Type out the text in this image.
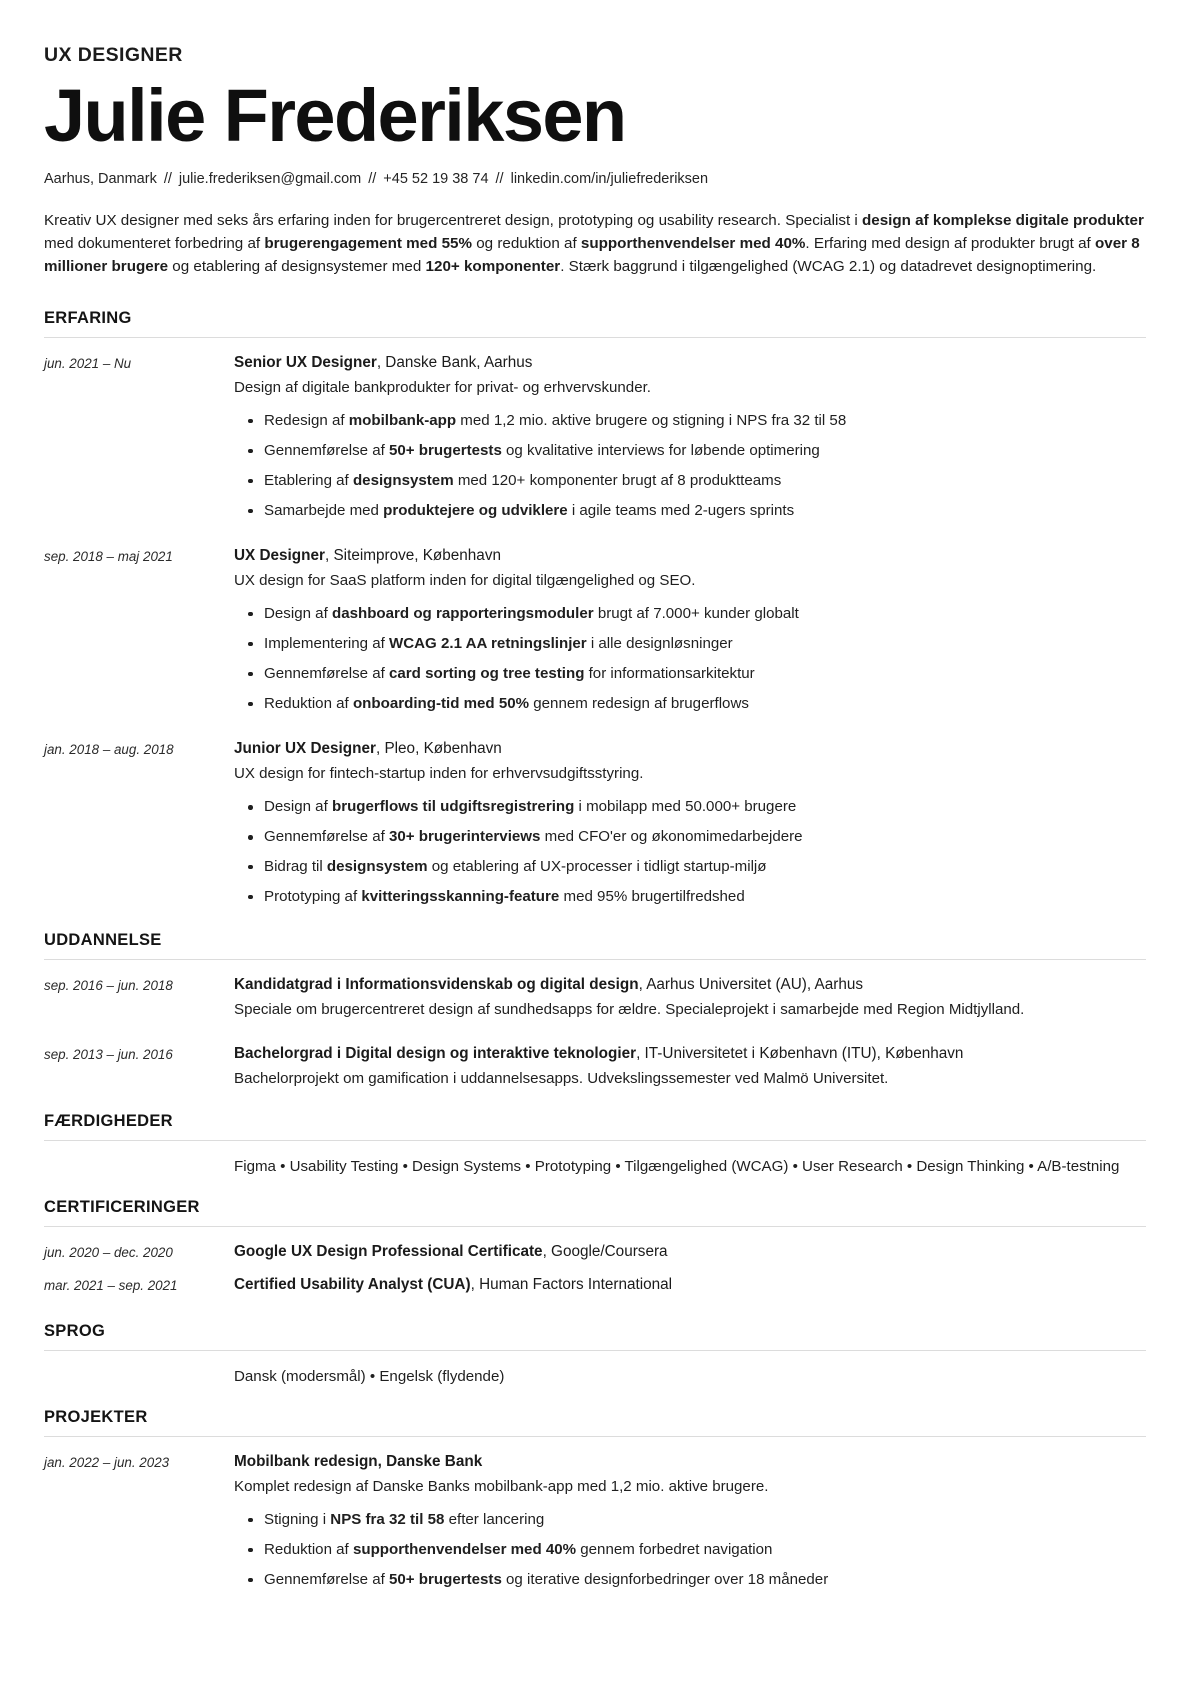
UX DESIGNER
Julie Frederiksen
Aarhus, Danmark // julie.frederiksen@gmail.com // +45 52 19 38 74 // linkedin.com/in/juliefrederiksen

Kreativ UX designer med seks års erfaring inden for brugercentreret design, prototyping og usability research. Specialist i design af komplekse digitale produkter med dokumenteret forbedring af brugerengagement med 55% og reduktion af supporthenvendelser med 40%. Erfaring med design af produkter brugt af over 8 millioner brugere og etablering af designsystemer med 120+ komponenter. Stærk baggrund i tilgængelighed (WCAG 2.1) og datadrevet designoptimering.

ERFARING
jun. 2021 – Nu	Senior UX Designer, Danske Bank, Aarhus
Design af digitale bankprodukter for privat- og erhvervskunder.
Redesign af mobilbank-app med 1,2 mio. aktive brugere og stigning i NPS fra 32 til 58
Gennemførelse af 50+ brugertests og kvalitative interviews for løbende optimering
Etablering af designsystem med 120+ komponenter brugt af 8 produktteams
Samarbejde med produktejere og udviklere i agile teams med 2-ugers sprints
sep. 2018 – maj 2021	UX Designer, Siteimprove, København
UX design for SaaS platform inden for digital tilgængelighed og SEO.
Design af dashboard og rapporteringsmoduler brugt af 7.000+ kunder globalt
Implementering af WCAG 2.1 AA retningslinjer i alle designløsninger
Gennemførelse af card sorting og tree testing for informationsarkitektur
Reduktion af onboarding-tid med 50% gennem redesign af brugerflows
jan. 2018 – aug. 2018	Junior UX Designer, Pleo, København
UX design for fintech-startup inden for erhvervsudgiftsstyring.
Design af brugerflows til udgiftsregistrering i mobilapp med 50.000+ brugere
Gennemførelse af 30+ brugerinterviews med CFO'er og økonomimedarbejdere
Bidrag til designsystem og etablering af UX-processer i tidligt startup-miljø
Prototyping af kvitteringsskanning-feature med 95% brugertilfredshed
UDDANNELSE
sep. 2016 – jun. 2018	Kandidatgrad i Informationsvidenskab og digital design, Aarhus Universitet (AU), Aarhus
Speciale om brugercentreret design af sundhedsapps for ældre. Specialeprojekt i samarbejde med Region Midtjylland.
sep. 2013 – jun. 2016	Bachelorgrad i Digital design og interaktive teknologier, IT-Universitetet i København (ITU), København
Bachelorprojekt om gamification i uddannelsesapps. Udvekslingssemester ved Malmö Universitet.
FÆRDIGHEDER
Figma • Usability Testing • Design Systems • Prototyping • Tilgængelighed (WCAG) • User Research • Design Thinking • A/B-testning
CERTIFICERINGER
jun. 2020 – dec. 2020	Google UX Design Professional Certificate, Google/Coursera
mar. 2021 – sep. 2021	Certified Usability Analyst (CUA), Human Factors International
SPROG
Dansk (modersmål) • Engelsk (flydende)
PROJEKTER
jan. 2022 – jun. 2023	Mobilbank redesign, Danske Bank
Komplet redesign af Danske Banks mobilbank-app med 1,2 mio. aktive brugere.
Stigning i NPS fra 32 til 58 efter lancering
Reduktion af supporthenvendelser med 40% gennem forbedret navigation
Gennemførelse af 50+ brugertests og iterative designforbedringer over 18 måneder
